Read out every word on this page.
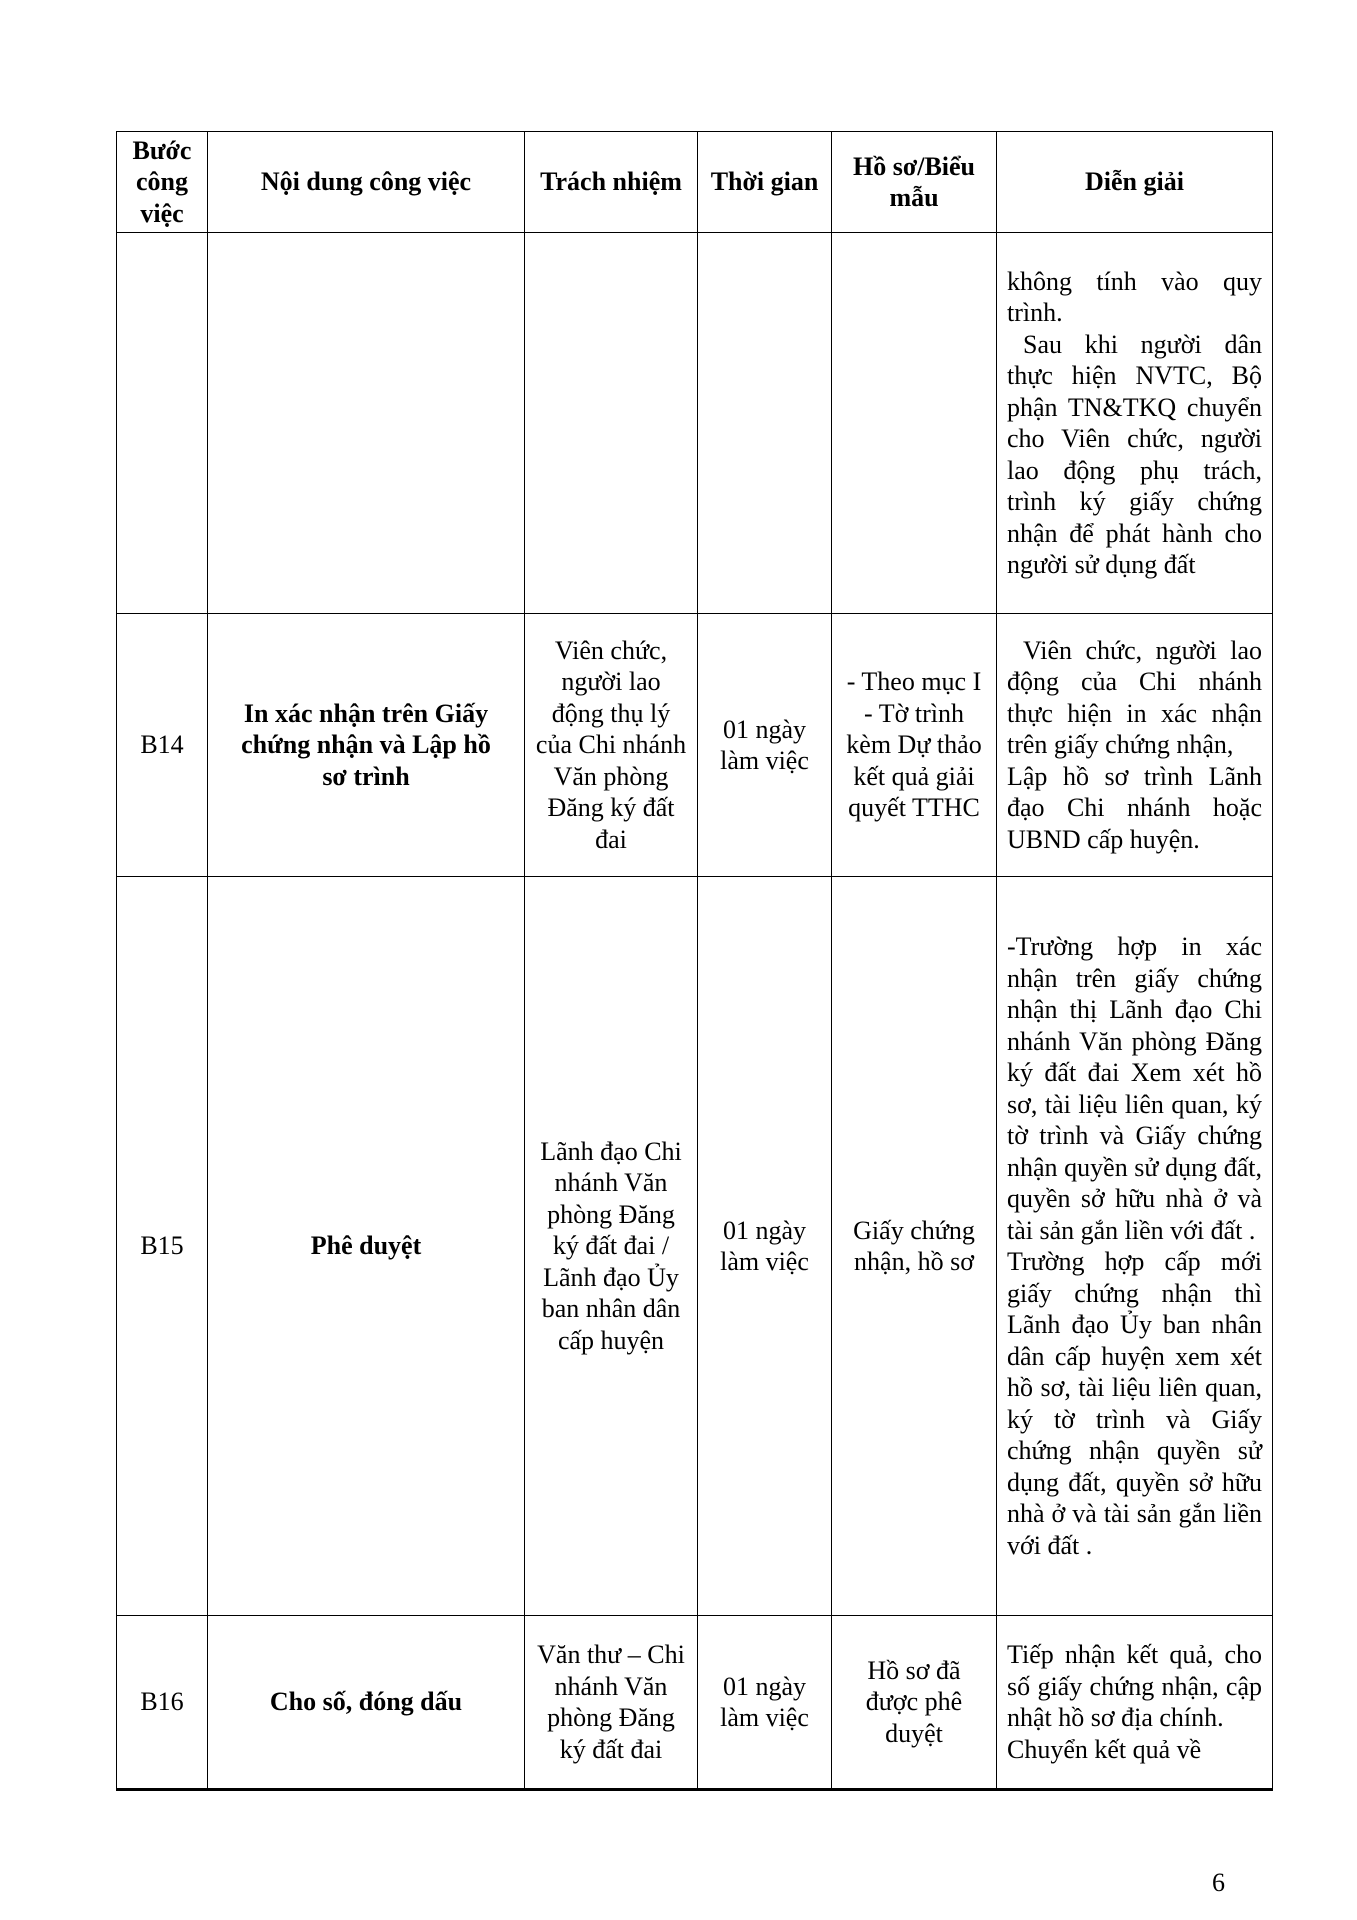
Bước công việc	Nội dung công việc	Trách nhiệm	Thời gian	Hồ sơ/Biểu mẫu	Diễn giải

					không tính vào quy trình.

Sau khi người dân thực hiện NVTC, Bộ phận TN&TKQ chuyển cho Viên chức, người lao động phụ trách, trình ký giấy chứng nhận để phát hành cho người sử dụng đất

B14	In xác nhận trên Giấy chứng nhận và Lập hồ sơ trình	Viên chức, người lao động thụ lý của Chi nhánh Văn phòng Đăng ký đất đai	01 ngày làm việc	- Theo mục I - Tờ trình kèm Dự thảo kết quả giải quyết TTHC	Viên chức, người lao động của Chi nhánh thực hiện in xác nhận trên giấy chứng nhận,

Lập hồ sơ trình Lãnh đạo Chi nhánh hoặc UBND cấp huyện.

B15	Phê duyệt	Lãnh đạo Chi nhánh Văn phòng Đăng ký đất đai / Lãnh đạo Ủy ban nhân dân cấp huyện	01 ngày làm việc	Giấy chứng nhận, hồ sơ	-Trường hợp in xác nhận trên giấy chứng nhận thị Lãnh đạo Chi nhánh Văn phòng Đăng ký đất đai Xem xét hồ sơ, tài liệu liên quan, ký tờ trình và Giấy chứng nhận quyền sử dụng đất, quyền sở hữu nhà ở và tài sản gắn liền với đất .

Trường hợp cấp mới giấy chứng nhận thì Lãnh đạo Ủy ban nhân dân cấp huyện xem xét hồ sơ, tài liệu liên quan, ký tờ trình và Giấy chứng nhận quyền sử dụng đất, quyền sở hữu nhà ở và tài sản gắn liền với đất .

B16	Cho số, đóng dấu	Văn thư – Chi nhánh Văn phòng Đăng ký đất đai	01 ngày làm việc	Hồ sơ đã được phê duyệt	Tiếp nhận kết quả, cho số giấy chứng nhận, cập nhật hồ sơ địa chính.

Chuyển kết quả về

6
